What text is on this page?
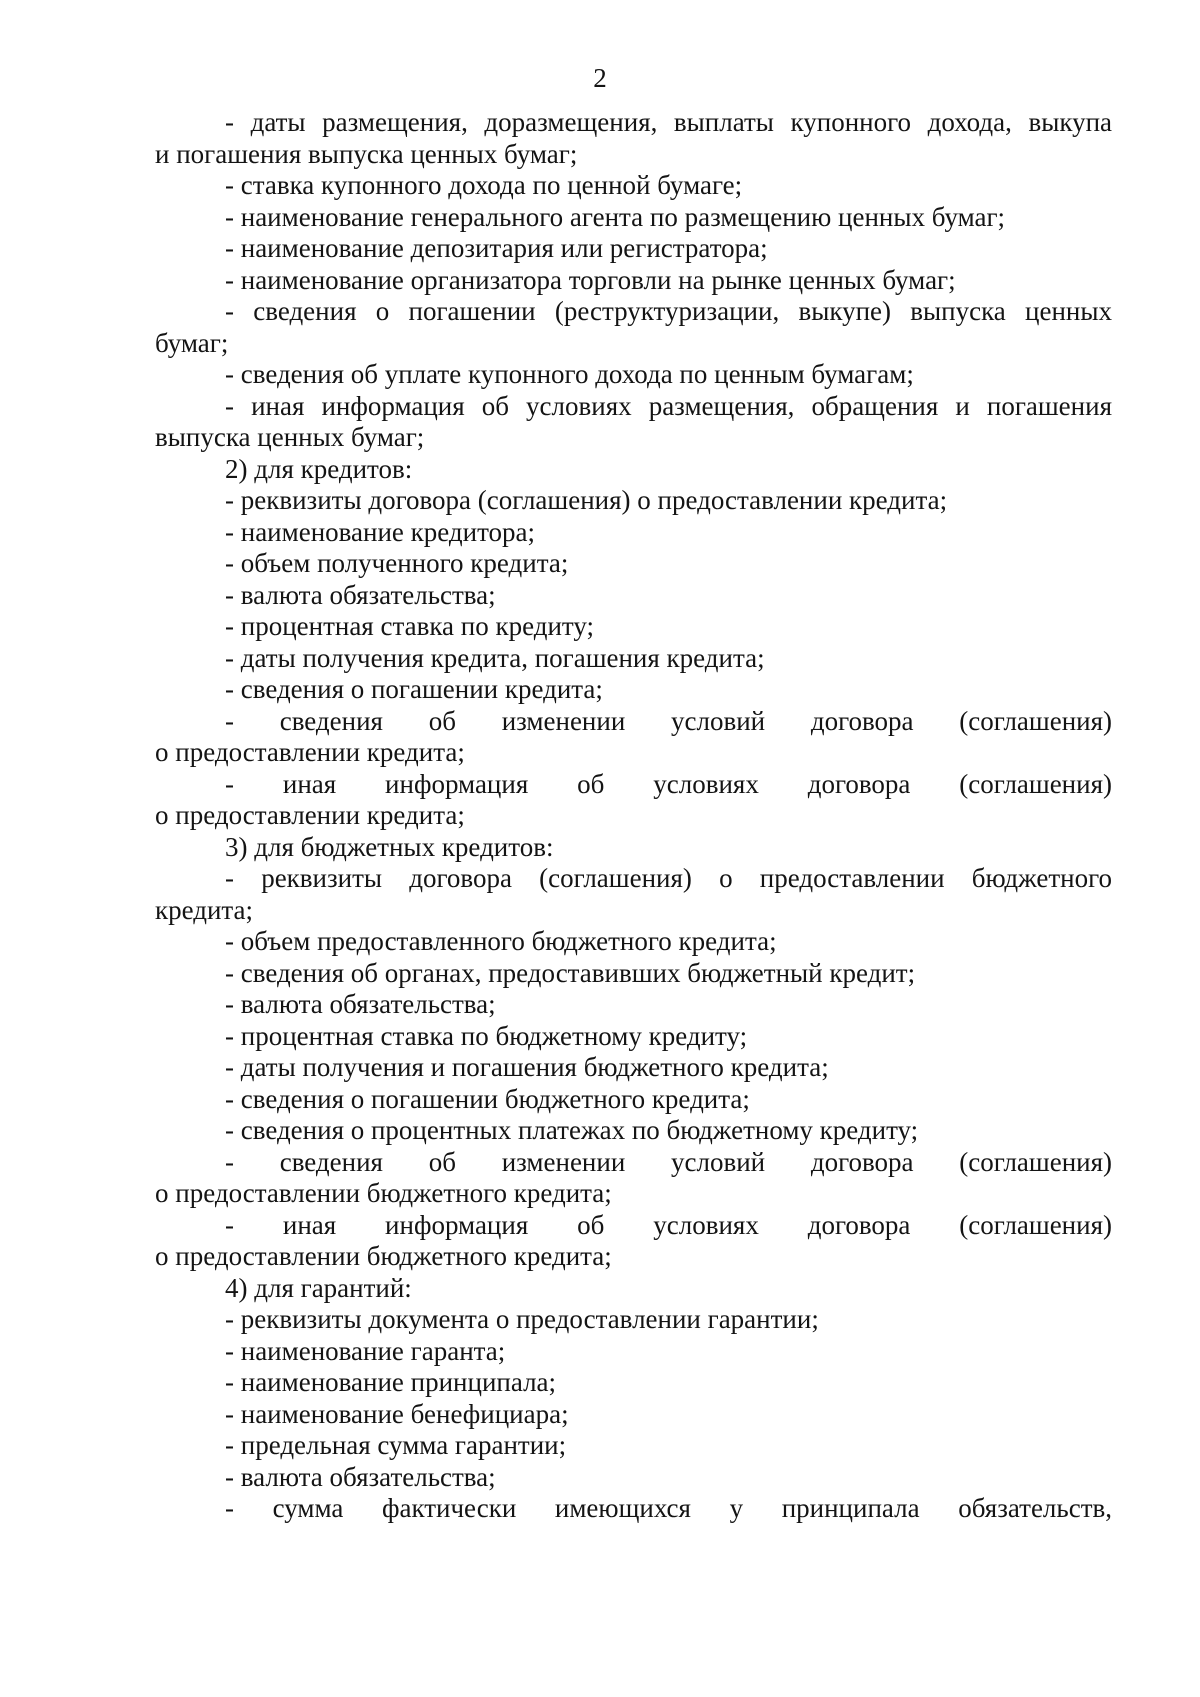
2

- даты размещения, доразмещения, выплаты купонного дохода, выкупа

и погашения выпуска ценных бумаг;

- ставка купонного дохода по ценной бумаге;

- наименование генерального агента по размещению ценных бумаг;

- наименование депозитария или регистратора;

- наименование организатора торговли на рынке ценных бумаг;

- сведения о погашении (реструктуризации, выкупе) выпуска ценных

бумаг;

- сведения об уплате купонного дохода по ценным бумагам;

- иная информация об условиях размещения, обращения и погашения

выпуска ценных бумаг;

2) для кредитов:

- реквизиты договора (соглашения) о предоставлении кредита;

- наименование кредитора;

- объем полученного кредита;

- валюта обязательства;

- процентная ставка по кредиту;

- даты получения кредита, погашения кредита;

- сведения о погашении кредита;

- сведения об изменении условий договора (соглашения)

о предоставлении кредита;

- иная информация об условиях договора (соглашения)

о предоставлении кредита;

3) для бюджетных кредитов:

- реквизиты договора (соглашения) о предоставлении бюджетного

кредита;

- объем предоставленного бюджетного кредита;

- сведения об органах, предоставивших бюджетный кредит;

- валюта обязательства;

- процентная ставка по бюджетному кредиту;

- даты получения и погашения бюджетного кредита;

- сведения о погашении бюджетного кредита;

- сведения о процентных платежах по бюджетному кредиту;

- сведения об изменении условий договора (соглашения)

о предоставлении бюджетного кредита;

- иная информация об условиях договора (соглашения)

о предоставлении бюджетного кредита;

4) для гарантий:

- реквизиты документа о предоставлении гарантии;

- наименование гаранта;

- наименование принципала;

- наименование бенефициара;

- предельная сумма гарантии;

- валюта обязательства;

- сумма фактически имеющихся у принципала обязательств,
